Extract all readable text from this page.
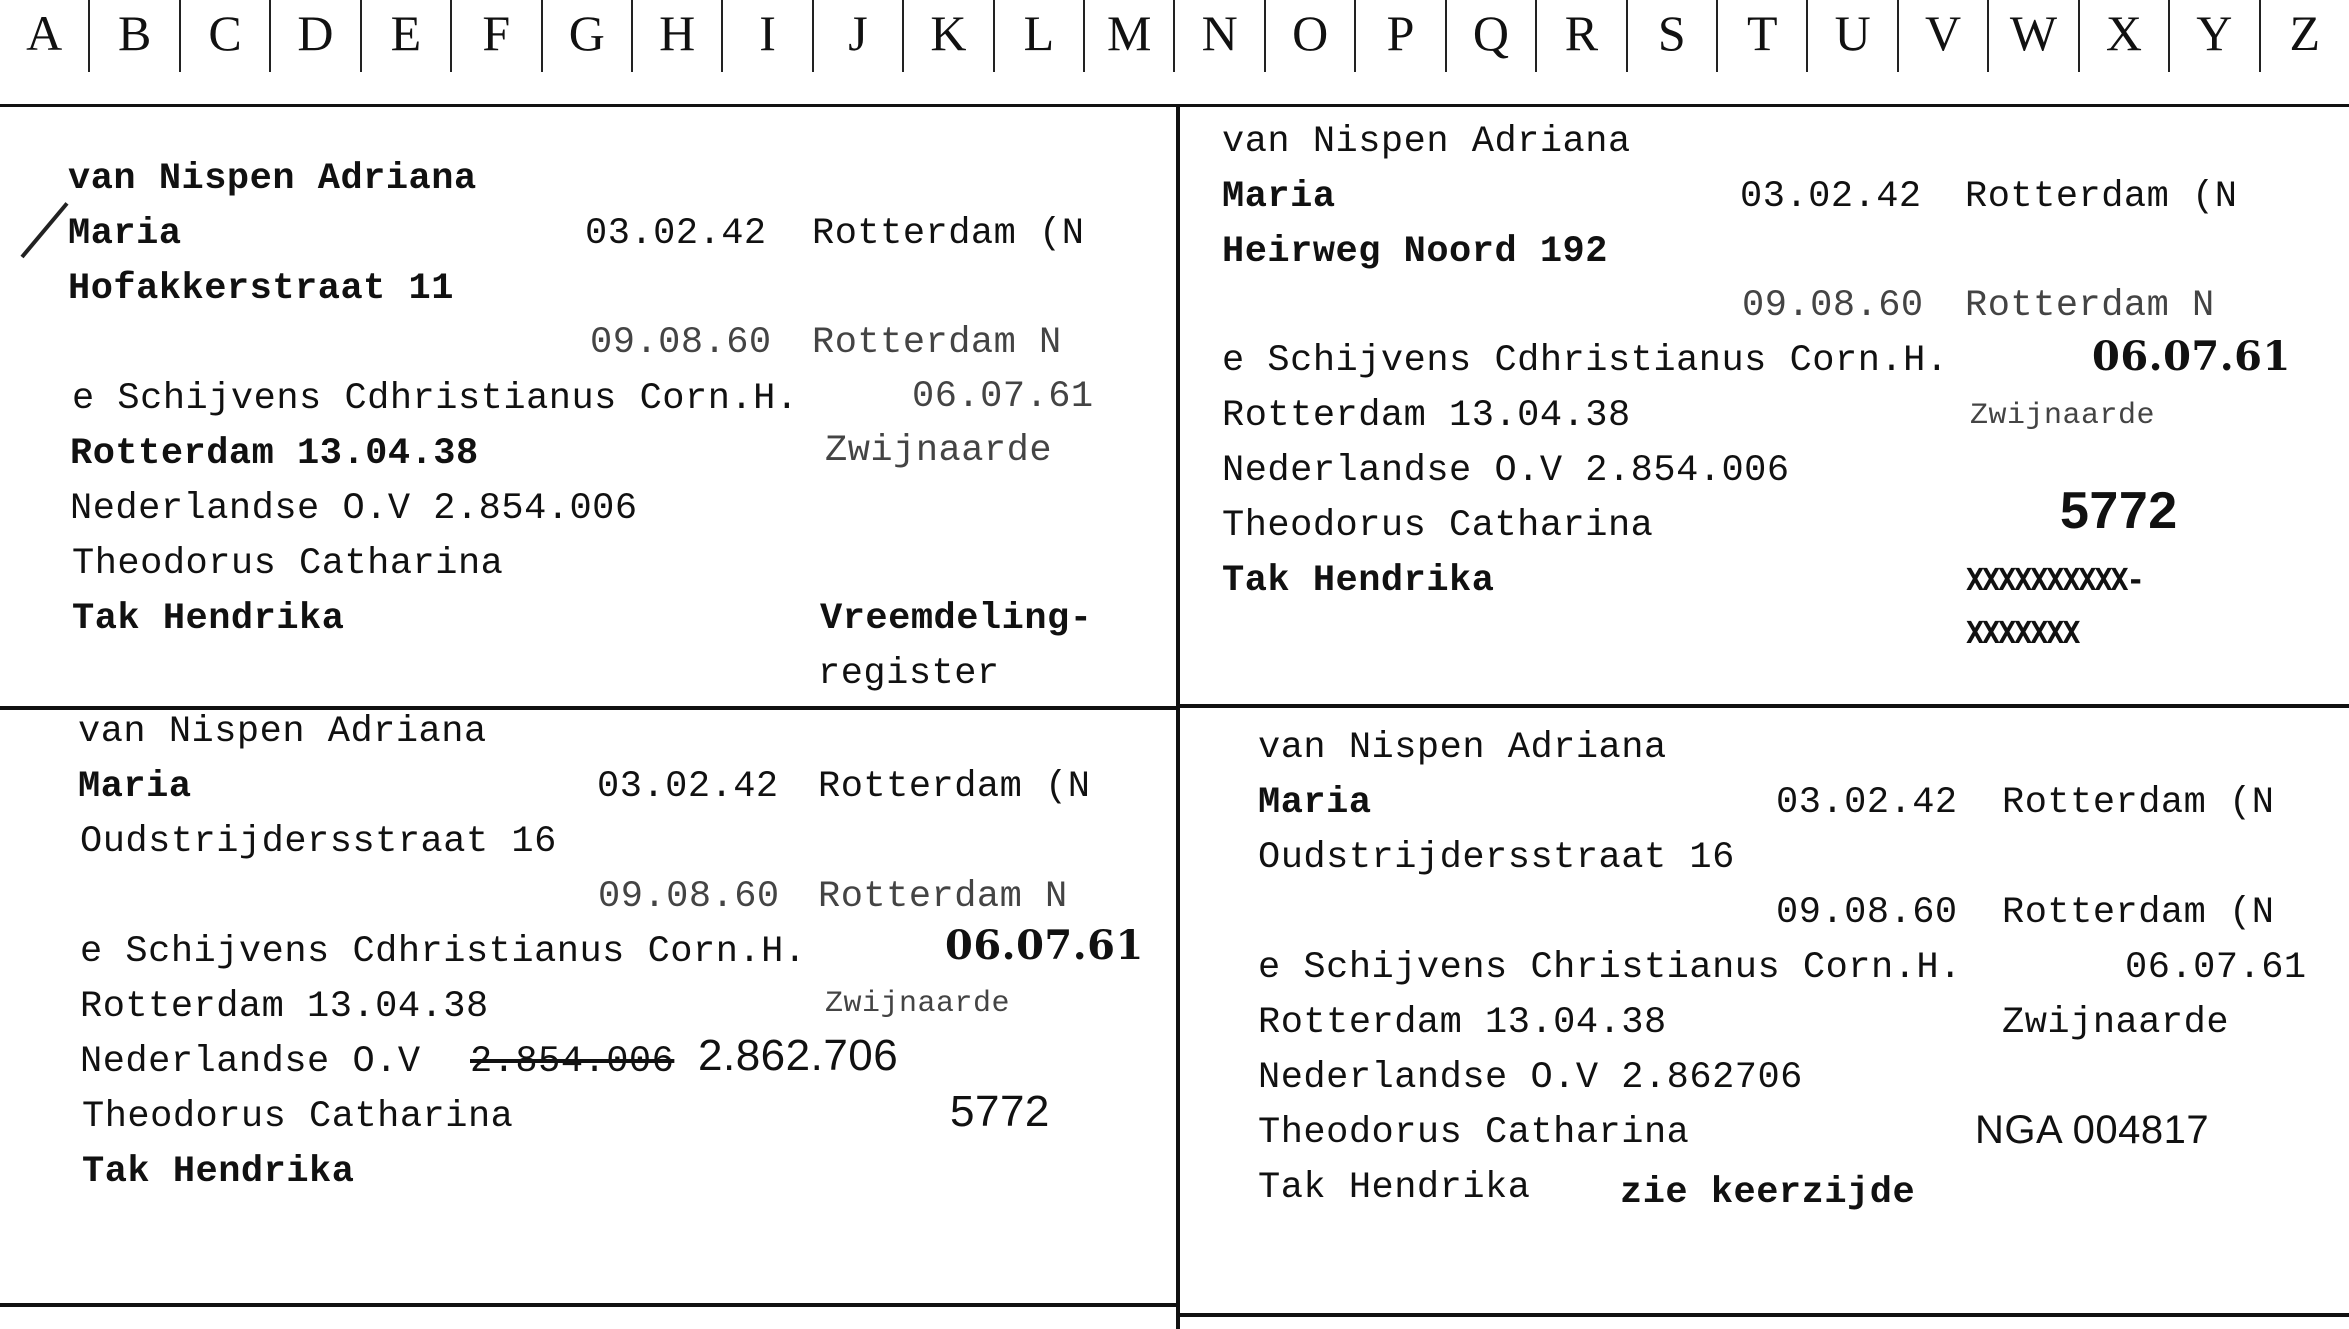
A	B	C	D	E	F	G	H	I	J	K	L	M	N	O	P	Q	R	S	T	U	V W X	Y	Z
van Nispen Adriana
Maria	03.02.42 Rotterdam (N
Hofakkerstraat 11
09.08.60 Rotterdam N
e Schijvens Cdhristianus Corn.H.	06.07.61
Rotterdam 13.04.38	Zwijnaarde
Nederlandse O.V 2.854.006
Theodorus Catharina
Tak Hendrika	Vreemdeling-
register
van Nispen Adriana
Maria	03.02.42 Rotterdam (N
Heirweg Noord 192
09.08.60 Rotterdam N
e Schijvens Cdhristianus Corn.H.	06.07.61
Rotterdam 13.04.38	Zwijnaarde
Nederlandse O.V 2.854.006
5772
Theodorus Catharina
Tak Hendrika	XXXXXXXXXX-
XXXXXXX
van Nispen Adriana
Maria	03.02.42 Rotterdam (N
Oudstrijdersstraat 16
09.08.60 Rotterdam N
e Schijvens Cdhristianus Corn.H.	06.07.61
Rotterdam 13.04.38	Zwijnaarde
Nederlandse O.V 2.854.006 2.862.706
Theodorus Catharina	5772
Tak Hendrika
van Nispen Adriana
Maria	03.02.42 Rotterdam (N
Oudstrijdersstraat 16
09.08.60 Rotterdam (N
e Schijvens Christianus Corn.H.	06.07.61
Rotterdam 13.04.38	Zwijnaarde
Nederlandse O.V 2.862706
Theodorus Catharina	NGA 004817
Tak Hendrika zie keerzijde
